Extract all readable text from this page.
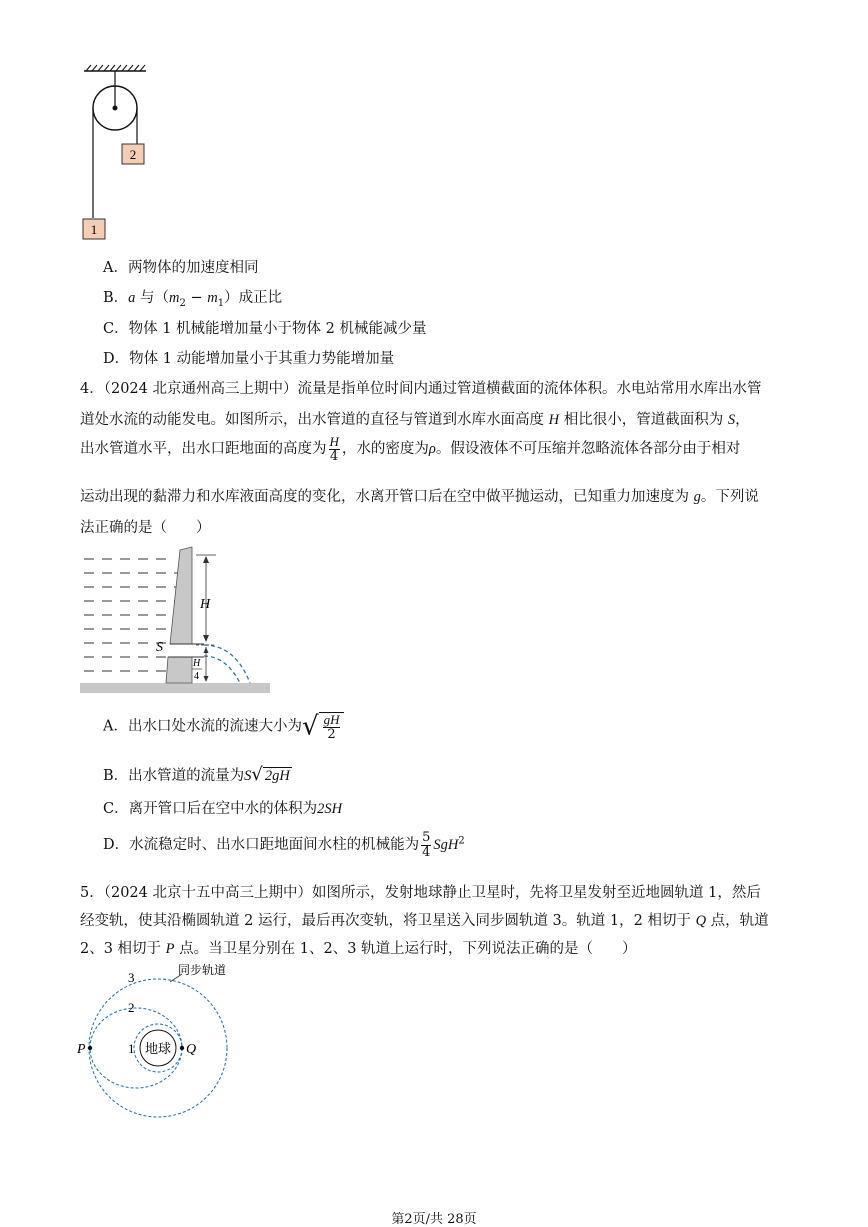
2
1
A．两物体的加速度相同
B．a 与$(m_2 - m_1)$成正比
C．物体 1 机械能增加量小于物体 2 机械能减少量
D．物体 1 动能增加量小于其重力势能增加量
4．（2024 北京通州高三上期中）流量是指单位时间内通过管道横截面的流体体积。水电站常用水库出水管
道处水流的动能发电。如图所示，出水管道的直径与管道到水库水面高度 H 相比很小，管道截面积为 S，
出水管道水平，出水口距地面的高度为 $\frac{H}{4}$ ，水的密度为ρ。假设液体不可压缩并忽略流体各部分由于相对
运动出现的黏滞力和水库液面高度的变化，水离开管口后在空中做平抛运动，已知重力加速度为 g。下列说
法正确的是（　　）
H
H
4
S
A．出水口处水流的流速大小为√ $\frac{gH}{2}$
B．出水管道的流量为S√ 2gH
C．离开管口后在空中水的体积为2SH
D．水流稳定时、出水口距地面间水柱的机械能为 $\frac{5}{4} SgH^2$
5．（2024 北京十五中高三上期中）如图所示，发射地球静止卫星时，先将卫星发射至近地圆轨道 1，然后
经变轨，使其沿椭圆轨道 2 运行，最后再次变轨，将卫星送入同步圆轨道 3。轨道 1，2 相切于 Q 点，轨道
2、3 相切于 P 点。当卫星分别在 1、2、3 轨道上运行时，下列说法正确的是（　　）
地球
P	Q
3
2
1
同步轨道
第2页/共 28页
